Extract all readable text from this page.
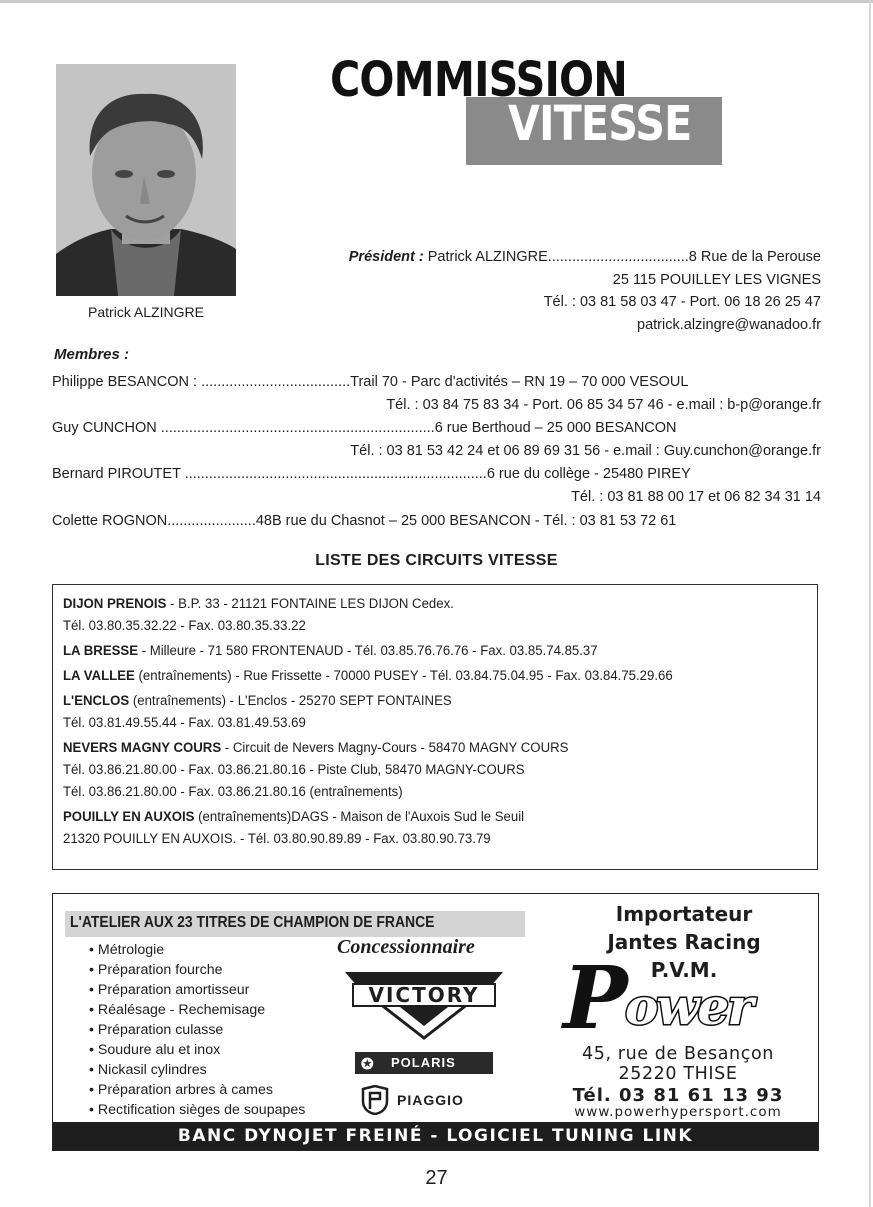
Patrick ALZINGRE
COMMISSION
VITESSE
Président : Patrick ALZINGRE...................................8 Rue de la Perouse
25 115 POUILLEY LES VIGNES
Tél. : 03 81 58 03 47 - Port. 06 18 26 25 47
patrick.alzingre@wanadoo.fr
Membres :
Philippe BESANCON : .....................................Trail 70 - Parc d'activités – RN 19 – 70 000 VESOUL
Tél. : 03 84 75 83 34 - Port. 06 85 34 57 46 - e.mail : b-p@orange.fr
Guy CUNCHON ....................................................................6 rue Berthoud – 25 000 BESANCON
Tél. : 03 81 53 42 24 et 06 89 69 31 56 - e.mail : Guy.cunchon@orange.fr
Bernard PIROUTET ...........................................................................6 rue du collège - 25480 PIREY
Tél. : 03 81 88 00 17 et 06 82 34 31 14
Colette ROGNON......................48B rue du Chasnot – 25 000 BESANCON - Tél. : 03 81 53 72 61
LISTE DES CIRCUITS VITESSE
DIJON PRENOIS - B.P. 33 - 21121 FONTAINE LES DIJON Cedex.
Tél. 03.80.35.32.22 - Fax. 03.80.35.33.22
LA BRESSE - Milleure - 71 580 FRONTENAUD - Tél. 03.85.76.76.76 - Fax. 03.85.74.85.37
LA VALLEE (entraînements) - Rue Frissette - 70000 PUSEY - Tél. 03.84.75.04.95 - Fax. 03.84.75.29.66
L'ENCLOS (entraînements) - L'Enclos - 25270 SEPT FONTAINES
Tél. 03.81.49.55.44 - Fax. 03.81.49.53.69
NEVERS MAGNY COURS - Circuit de Nevers Magny-Cours - 58470 MAGNY COURS
Tél. 03.86.21.80.00 - Fax. 03.86.21.80.16 - Piste Club, 58470 MAGNY-COURS
Tél. 03.86.21.80.00 - Fax. 03.86.21.80.16 (entraînements)
POUILLY EN AUXOIS (entraînements)DAGS - Maison de l'Auxois Sud le Seuil
21320 POUILLY EN AUXOIS. - Tél. 03.80.90.89.89 - Fax. 03.80.90.73.79
L'ATELIER AUX 23 TITRES DE CHAMPION DE FRANCE
• Métrologie
• Préparation fourche
• Préparation amortisseur
• Réalésage - Rechemisage
• Préparation culasse
• Soudure alu et inox
• Nickasil cylindres
• Préparation arbres à cames
• Rectification sièges de soupapes
Concessionnaire
VICTORY
✪	POLARIS
PIAGGIO
Importateur
Jantes Racing
P.V.M.
P
ower
45, rue de Besançon
25220 THISE
Tél. 03 81 61 13 93
www.powerhypersport.com
BANC DYNOJET FREINÉ - LOGICIEL TUNING LINK
27
